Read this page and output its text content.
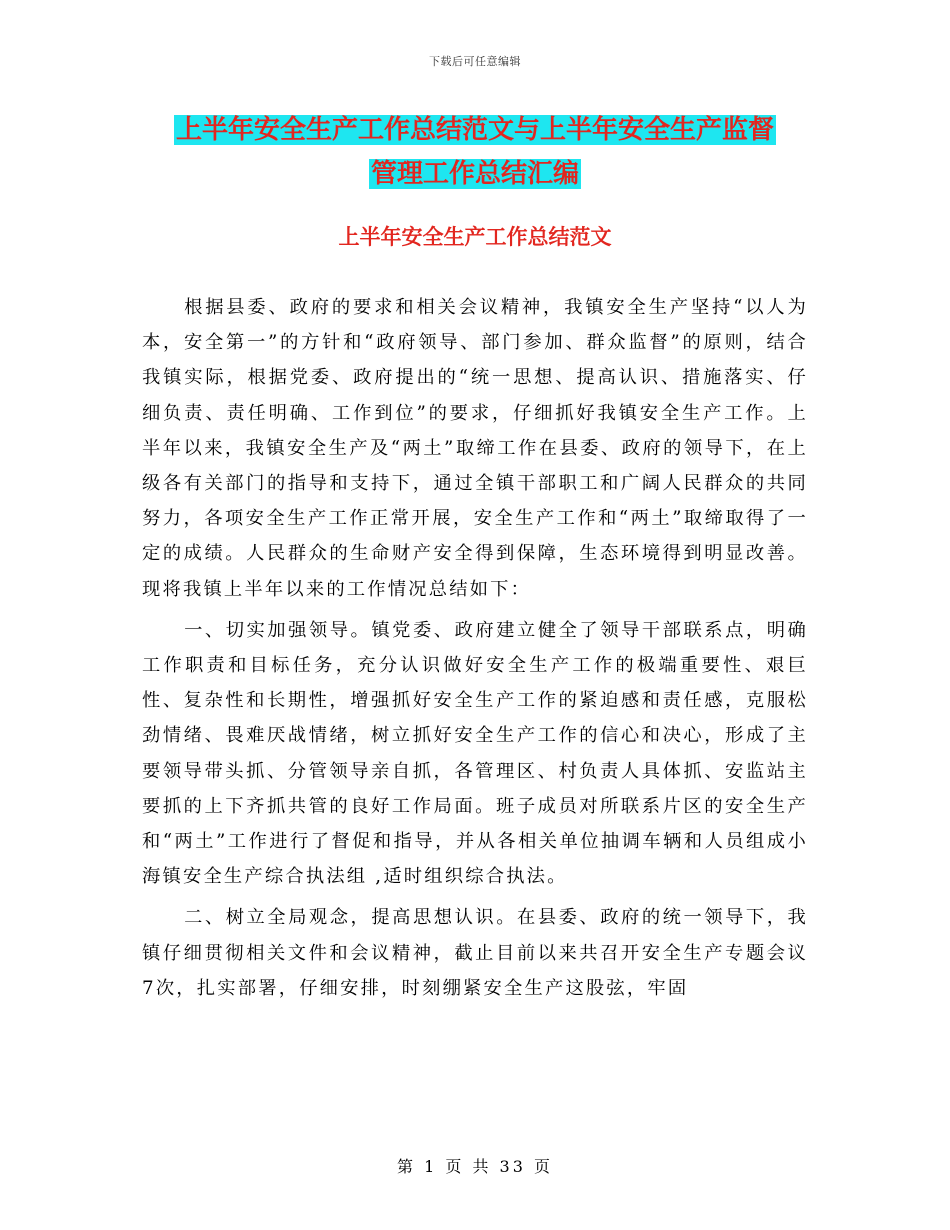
下载后可任意编辑
上半年安全生产工作总结范文与上半年安全生产监督
管理工作总结汇编
上半年安全生产工作总结范文

根据县委、政府的要求和相关会议精神，我镇安全生产坚持“以人为本，安全第一”的方针和“政府领导、部门参加、群众监督”的原则，结合我镇实际，根据党委、政府提出的“统一思想、提高认识、措施落实、仔细负责、责任明确、工作到位”的要求，仔细抓好我镇安全生产工作。上半年以来，我镇安全生产及“两土”取缔工作在县委、政府的领导下，在上级各有关部门的指导和支持下，通过全镇干部职工和广阔人民群众的共同努力，各项安全生产工作正常开展，安全生产工作和“两土”取缔取得了一定的成绩。人民群众的生命财产安全得到保障，生态环境得到明显改善。现将我镇上半年以来的工作情况总结如下：

一、切实加强领导。镇党委、政府建立健全了领导干部联系点，明确工作职责和目标任务，充分认识做好安全生产工作的极端重要性、艰巨性、复杂性和长期性，增强抓好安全生产工作的紧迫感和责任感，克服松劲情绪、畏难厌战情绪，树立抓好安全生产工作的信心和决心，形成了主要领导带头抓、分管领导亲自抓，各管理区、村负责人具体抓、安监站主要抓的上下齐抓共管的良好工作局面。班子成员对所联系片区的安全生产和“两土”工作进行了督促和指导，并从各相关单位抽调车辆和人员组成小海镇安全生产综合执法组 ,适时组织综合执法。

二、树立全局观念，提高思想认识。在县委、政府的统一领导下，我镇仔细贯彻相关文件和会议精神，截止目前以来共召开安全生产专题会议7次，扎实部署，仔细安排，时刻绷紧安全生产这股弦，牢固

第 1 页 共 33 页
